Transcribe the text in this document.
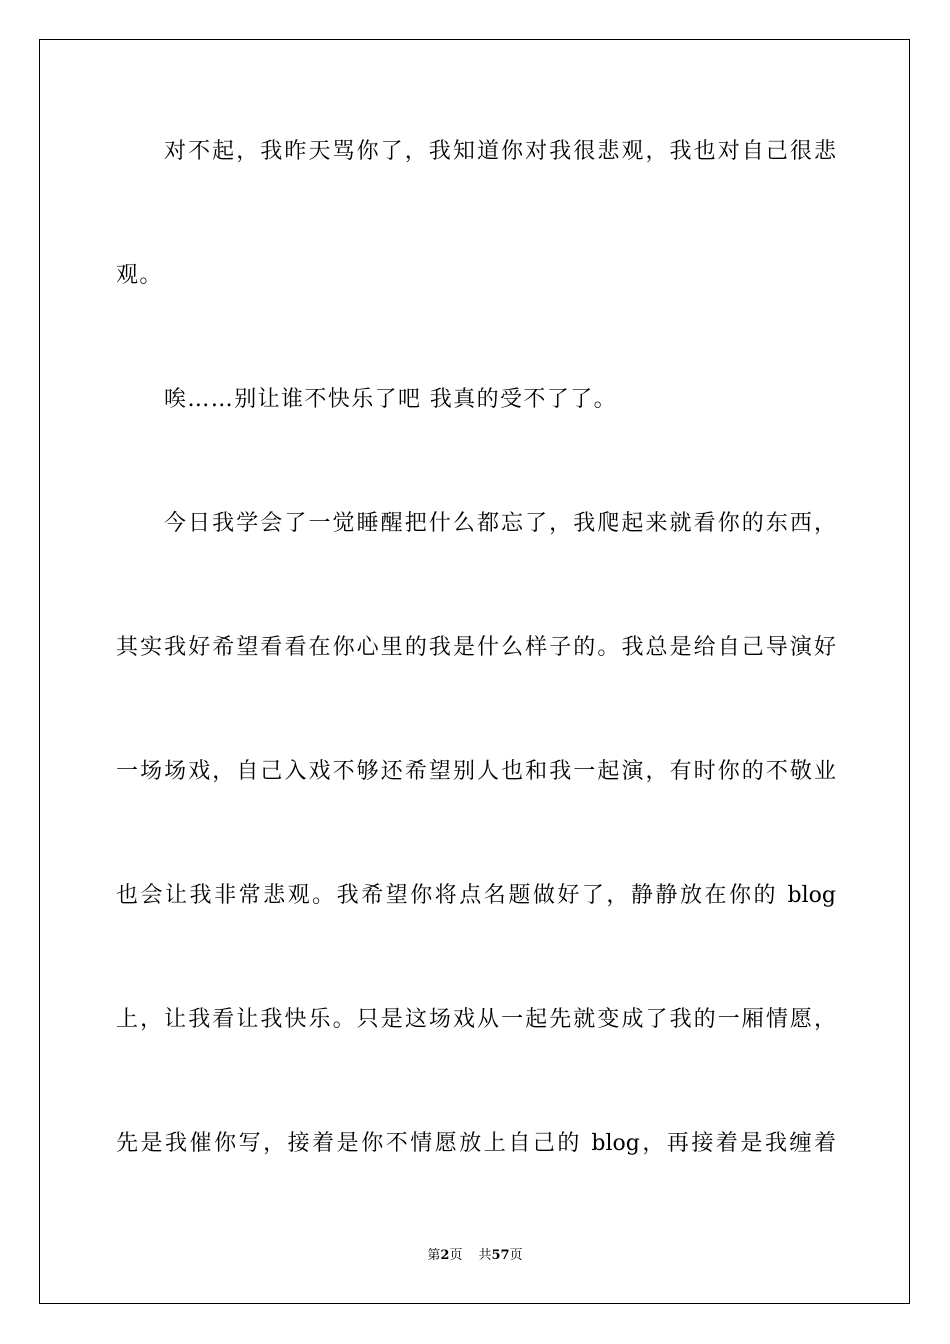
对不起，我昨天骂你了，我知道你对我很悲观，我也对自己很悲
观。
唉……别让谁不快乐了吧 我真的受不了了。
今日我学会了一觉睡醒把什么都忘了，我爬起来就看你的东西，
其实我好希望看看在你心里的我是什么样子的。我总是给自己导演好
一场场戏，自己入戏不够还希望别人也和我一起演，有时你的不敬业
也会让我非常悲观。我希望你将点名题做好了，静静放在你的 blog
上，让我看让我快乐。只是这场戏从一起先就变成了我的一厢情愿，
先是我催你写，接着是你不情愿放上自己的 blog，再接着是我缠着
第2页 共57页
